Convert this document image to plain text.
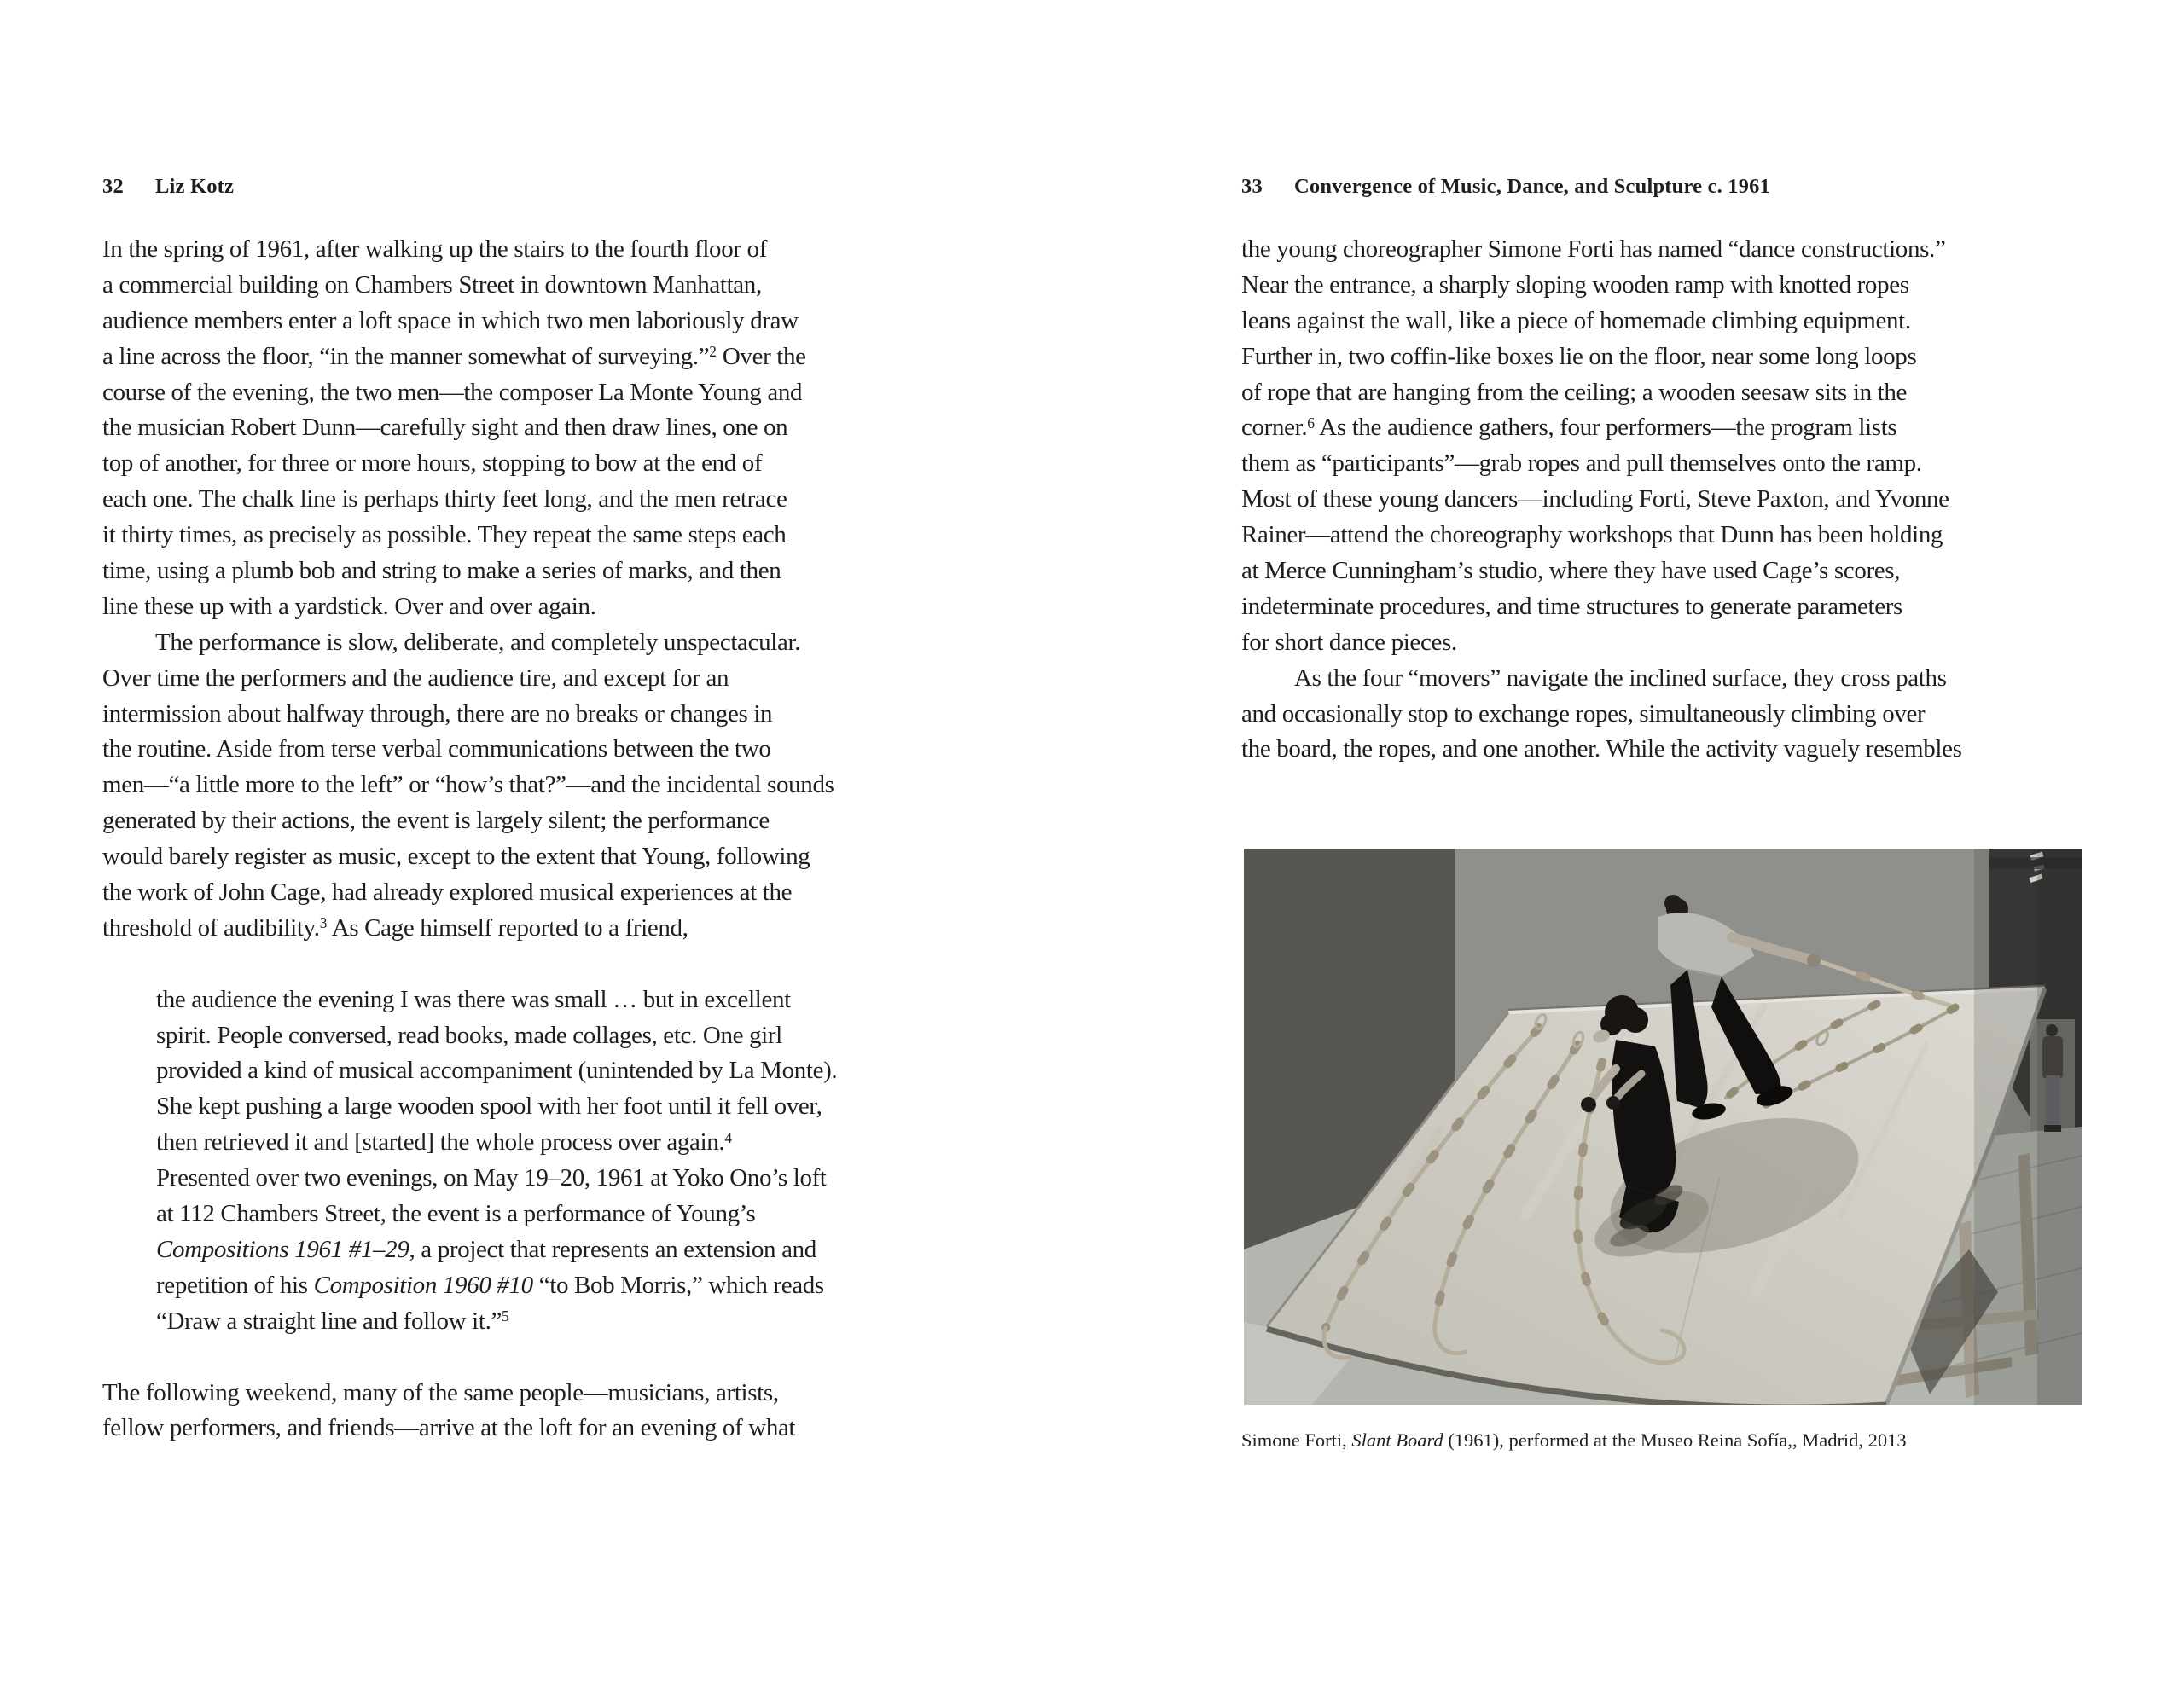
32 Liz Kotz
In the spring of 1961, after walking up the stairs to the fourth floor of
a commercial building on Chambers Street in downtown Manhattan,
audience members enter a loft space in which two men laboriously draw
a line across the floor, “in the manner somewhat of surveying.”$^2$ Over the
course of the evening, the two men—the composer La Monte Young and
the musician Robert Dunn—carefully sight and then draw lines, one on
top of another, for three or more hours, stopping to bow at the end of
each one. The chalk line is perhaps thirty feet long, and the men retrace
it thirty times, as precisely as possible. They repeat the same steps each
time, using a plumb bob and string to make a series of marks, and then
line these up with a yardstick. Over and over again.
The performance is slow, deliberate, and completely unspectacular.
Over time the performers and the audience tire, and except for an
intermission about halfway through, there are no breaks or changes in
the routine. Aside from terse verbal communications between the two
men—“a little more to the left” or “how’s that?”—and the incidental sounds
generated by their actions, the event is largely silent; the performance
would barely register as music, except to the extent that Young, following
the work of John Cage, had already explored musical experiences at the
threshold of audibility.$^3$ As Cage himself reported to a friend,
the audience the evening I was there was small … but in excellent
spirit. People conversed, read books, made collages, etc. One girl
provided a kind of musical accompaniment (unintended by La Monte).
She kept pushing a large wooden spool with her foot until it fell over,
then retrieved it and [started] the whole process over again.$^4$
Presented over two evenings, on May 19–20, 1961 at Yoko Ono’s loft
at 112 Chambers Street, the event is a performance of Young’s
Compositions 1961 #1–29, a project that represents an extension and
repetition of his Composition 1960 #10 “to Bob Morris,” which reads
“Draw a straight line and follow it.”$^5$
The following weekend, many of the same people—musicians, artists,
fellow performers, and friends—arrive at the loft for an evening of what
33 Convergence of Music, Dance, and Sculpture c. 1961
the young choreographer Simone Forti has named “dance constructions.”
Near the entrance, a sharply sloping wooden ramp with knotted ropes
leans against the wall, like a piece of homemade climbing equipment.
Further in, two coffin-like boxes lie on the floor, near some long loops
of rope that are hanging from the ceiling; a wooden seesaw sits in the
corner.$^6$ As the audience gathers, four performers—the program lists
them as “participants”—grab ropes and pull themselves onto the ramp.
Most of these young dancers—including Forti, Steve Paxton, and Yvonne
Rainer—attend the choreography workshops that Dunn has been holding
at Merce Cunningham’s studio, where they have used Cage’s scores,
indeterminate procedures, and time structures to generate parameters
for short dance pieces.
As the four “movers” navigate the inclined surface, they cross paths
and occasionally stop to exchange ropes, simultaneously climbing over
the board, the ropes, and one another. While the activity vaguely resembles
Simone Forti, Slant Board (1961), performed at the Museo Reina Sofía,, Madrid, 2013
